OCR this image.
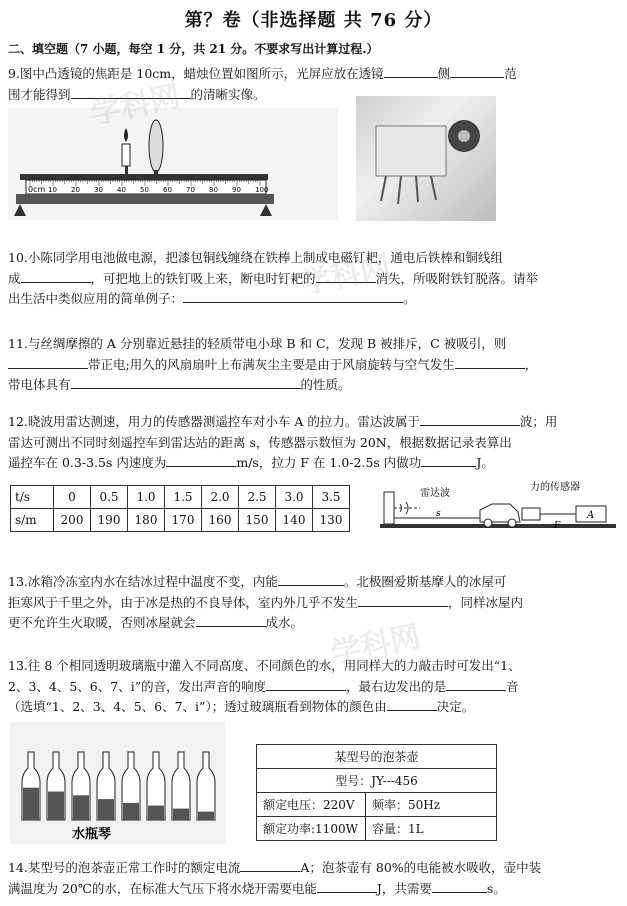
第？卷（非选择题 共 76 分）
二、填空题（7 小题，每空 1 分，共 21 分。不要求写出计算过程.）
9.图中凸透镜的焦距是 10cm，蜡烛位置如图所示，光屏应放在透镜	侧	范
围才能得到	的清晰实像。
0cm 10 20 30 40 50 60 70 80 90 100
10.小陈同学用电池做电源，把漆包铜线缠绕在铁棒上制成电磁钉耙，通电后铁棒和铜线组
成	，可把地上的铁钉吸上来，断电时钉耙的	消失，所吸附铁钉脱落。请举
出生活中类似应用的简单例子：	。
11.与丝绸摩擦的 A 分别靠近悬挂的轻质带电小球 B 和 C，发现 B 被排斥，C 被吸引，则
带正电;用久的风扇扇叶上布满灰尘主要是由于风扇旋转与空气发生	，
带电体具有	的性质。
12.晓波用雷达测速，用力的传感器测遥控车对小车 A 的拉力。雷达波属于	波；用
雷达可测出不同时刻遥控车到雷达站的距离 s，传感器示数恒为 20N，根据数据记录表算出
遥控车在 0.3-3.5s 内速度为	m/s，拉力 F 在 1.0-2.5s 内做功	J。
t/s	0	0.5	1.0	1.5	2.0	2.5	3.0	3.5
s/m	200	190	180	170	160	150	140	130
雷达波
s
F
A
力的传感器
13.冰箱冷冻室内水在结冰过程中温度不变，内能	。北极圈爱斯基摩人的冰屋可
拒寒风于千里之外，由于冰是热的不良导体，室内外几乎不发生	，同样冰屋内
更不允许生火取暖，否则冰屋就会	成水。
13.往 8 个相同透明玻璃瓶中灌入不同高度、不同颜色的水，用同样大的力敲击时可发出“1、
2、3、4、5、6、7、i”的音，发出声音的响度	，最右边发出的是	音
（选填“1、2、3、4、5、6、7、i”）；透过玻璃瓶看到物体的颜色由	决定。
水瓶琴
某型号的泡茶壶	
型号：JY---456	
额定电压：220V	频率：50Hz
额定功率:1100W	容量：1L
14.某型号的泡茶壶正常工作时的额定电流	A；泡茶壶有 80%的电能被水吸收，壶中装
满温度为 20℃的水，在标准大气压下将水烧开需要电能	J，共需要	s。
学科网
学科网
学科网
